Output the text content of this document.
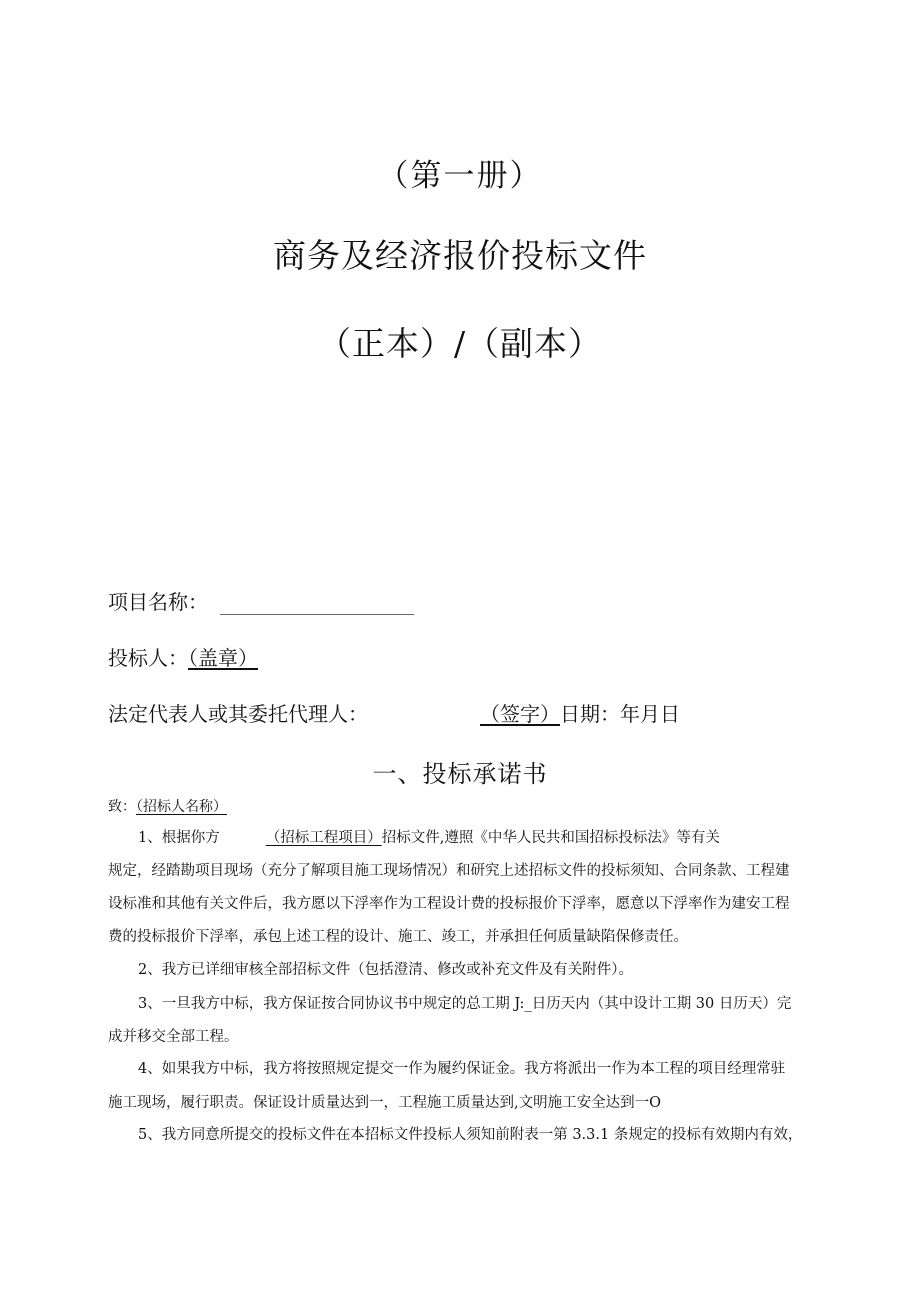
（第一册）
商务及经济报价投标文件
（正本）/（副本）
项目名称：
投标人：（盖章）
法定代表人或其委托代理人：	（签字）日期：年月日
一、投标承诺书
致：（招标人名称）
1、根据你方	（招标工程项目）招标文件,遵照《中华人民共和国招标投标法》等有关
规定，经踏勘项目现场（充分了解项目施工现场情况）和研究上述招标文件的投标须知、合同条款、工程建
设标准和其他有关文件后，我方愿以下浮率作为工程设计费的投标报价下浮率，愿意以下浮率作为建安工程
费的投标报价下浮率，承包上述工程的设计、施工、竣工，并承担任何质量缺陷保修责任。
2、我方已详细审核全部招标文件（包括澄清、修改或补充文件及有关附件）。
3、一旦我方中标，我方保证按合同协议书中规定的总工期 J:_日历天内（其中设计工期 30 日历天）完
成并移交全部工程。
4、如果我方中标，我方将按照规定提交一作为履约保证金。我方将派出一作为本工程的项目经理常驻
施工现场，履行职责。保证设计质量达到一，工程施工质量达到,文明施工安全达到一O
5、我方同意所提交的投标文件在本招标文件投标人须知前附表一第 3.3.1 条规定的投标有效期内有效，
